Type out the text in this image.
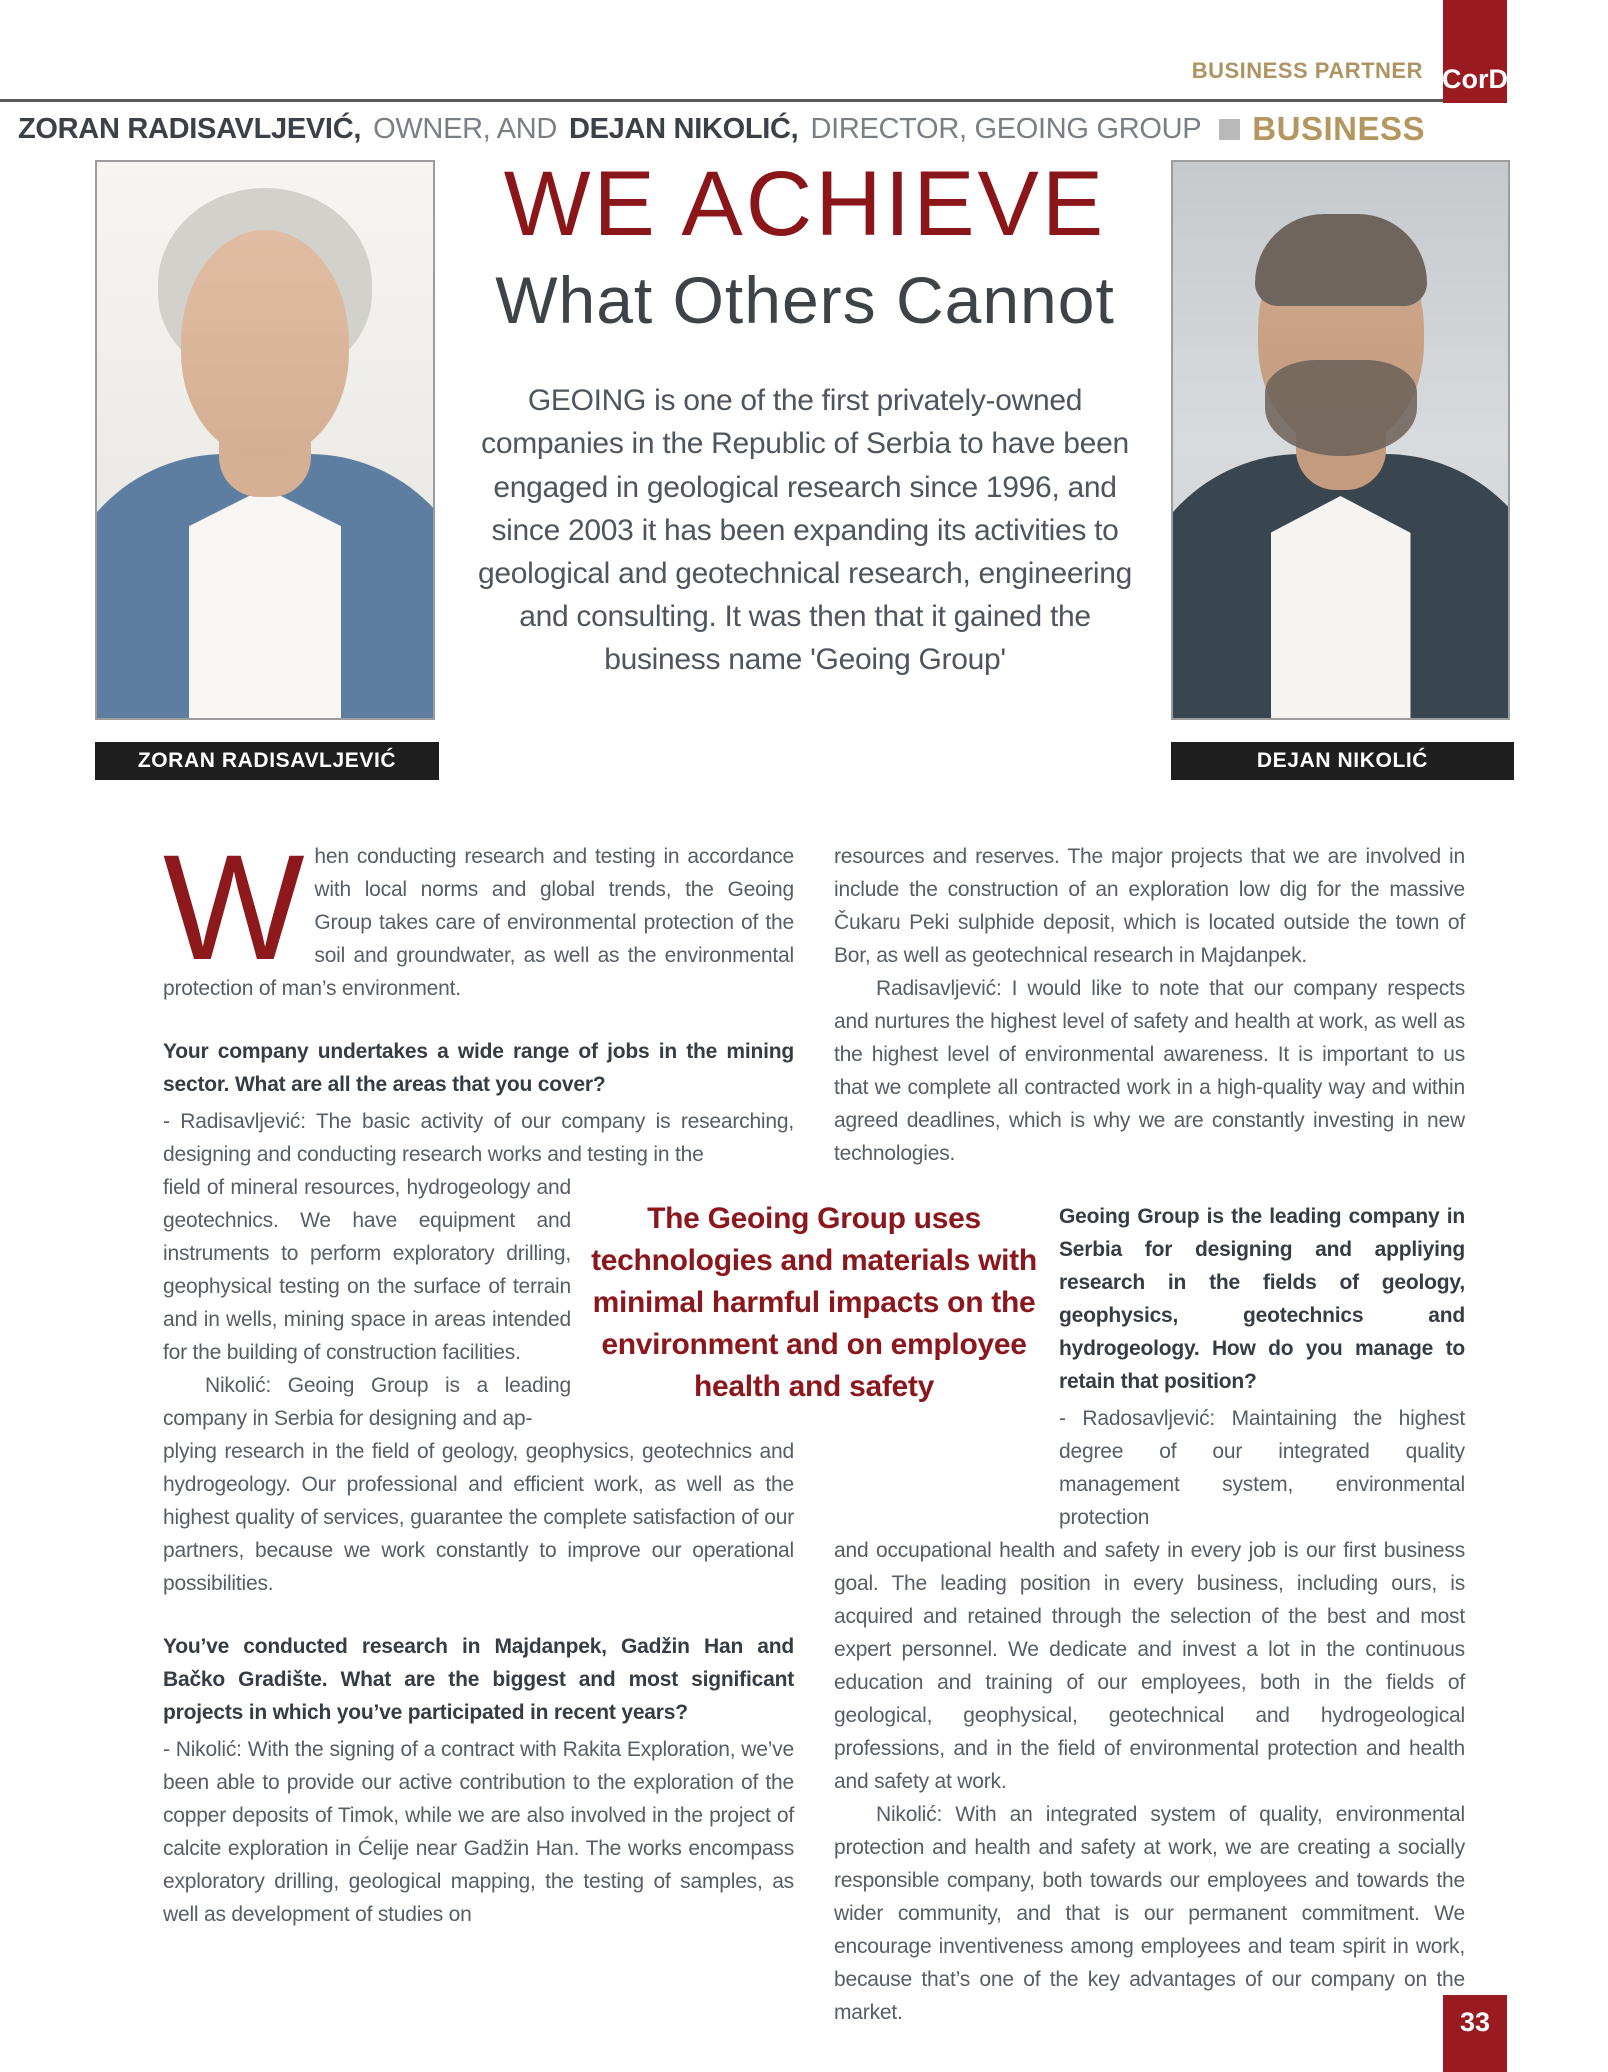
BUSINESS PARTNER CorD
ZORAN RADISAVLJEVIĆ, OWNER, AND DEJAN NIKOLIĆ, DIRECTOR, GEOING GROUP BUSINESS
ZORAN RADISAVLJEVIĆ	DEJAN NIKOLIĆ
WE ACHIEVE
What Others Cannot

GEOING is one of the first privately-owned companies in the Republic of Serbia to have been engaged in geological research since 1996, and since 2003 it has been expanding its activities to geological and geotechnical research, engineering and consulting. It was then that it gained the business name 'Geoing Group'

When conducting research and testing in accordance with local norms and global trends, the Geoing Group takes care of environmental protection of the soil and groundwater, as well as the environmental protection of man’s environment.

Your company undertakes a wide range of jobs in the mining sector. What are all the areas that you cover?

- Radisavljević: The basic activity of our company is researching, designing and conducting research works and testing in the

field of mineral resources, hydrogeology and geotechnics. We have equipment and instruments to perform exploratory drilling, geophysical testing on the surface of terrain and in wells, mining space in areas intended for the building of construction facilities.

Nikolić: Geoing Group is a leading company in Serbia for designing and ap-

plying research in the field of geology, geophysics, geotechnics and hydrogeology. Our professional and efficient work, as well as the highest quality of services, guarantee the complete satisfaction of our partners, because we work constantly to improve our operational possibilities.

You’ve conducted research in Majdanpek, Gadžin Han and Bačko Gradište. What are the biggest and most significant projects in which you’ve participated in recent years?

- Nikolić: With the signing of a contract with Rakita Exploration, we’ve been able to provide our active contribution to the exploration of the copper deposits of Timok, while we are also involved in the project of calcite exploration in Ćelije near Gadžin Han. The works encompass exploratory drilling, geological mapping, the testing of samples, as well as development of studies on

resources and reserves. The major projects that we are involved in include the construction of an exploration low dig for the massive Čukaru Peki sulphide deposit, which is located outside the town of Bor, as well as geotechnical research in Majdanpek.

Radisavljević: I would like to note that our company respects and nurtures the highest level of safety and health at work, as well as the highest level of environmental awareness. It is important to us that we complete all contracted work in a high-quality way and within agreed deadlines, which is why we are constantly investing in new technologies.

Geoing Group is the leading company in Serbia for designing and appliying research in the fields of geology, geophysics, geotechnics and hydrogeology. How do you manage to retain that position?

- Radosavljević: Maintaining the highest degree of our integrated quality management system, environmental protection

and occupational health and safety in every job is our first business goal. The leading position in every business, including ours, is acquired and retained through the selection of the best and most expert personnel. We dedicate and invest a lot in the continuous education and training of our employees, both in the fields of geological, geophysical, geotechnical and hydrogeological professions, and in the field of environmental protection and health and safety at work.

Nikolić: With an integrated system of quality, environmental protection and health and safety at work, we are creating a socially responsible company, both towards our employees and towards the wider community, and that is our permanent commitment. We encourage inventiveness among employees and team spirit in work, because that’s one of the key advantages of our company on the market.

The Geoing Group uses technologies and materials with minimal harmful impacts on the environment and on employee health and safety
33
